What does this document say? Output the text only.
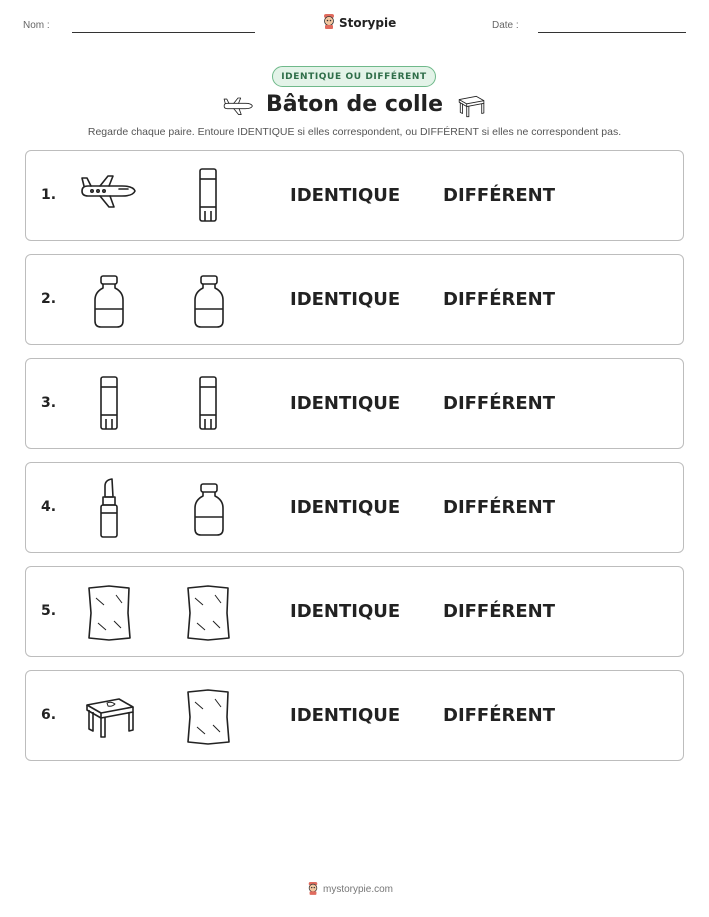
Nom :	Storypie	Date :
IDENTIQUE OU DIFFÉRENT
Bâton de colle
Regarde chaque paire. Entoure IDENTIQUE si elles correspondent, ou DIFFÉRENT si elles ne correspondent pas.
1.	IDENTIQUE DIFFÉRENT
2.	IDENTIQUE DIFFÉRENT
3.	IDENTIQUE DIFFÉRENT
4.	IDENTIQUE DIFFÉRENT
5.	IDENTIQUE DIFFÉRENT
6.	IDENTIQUE DIFFÉRENT
mystorypie.com
